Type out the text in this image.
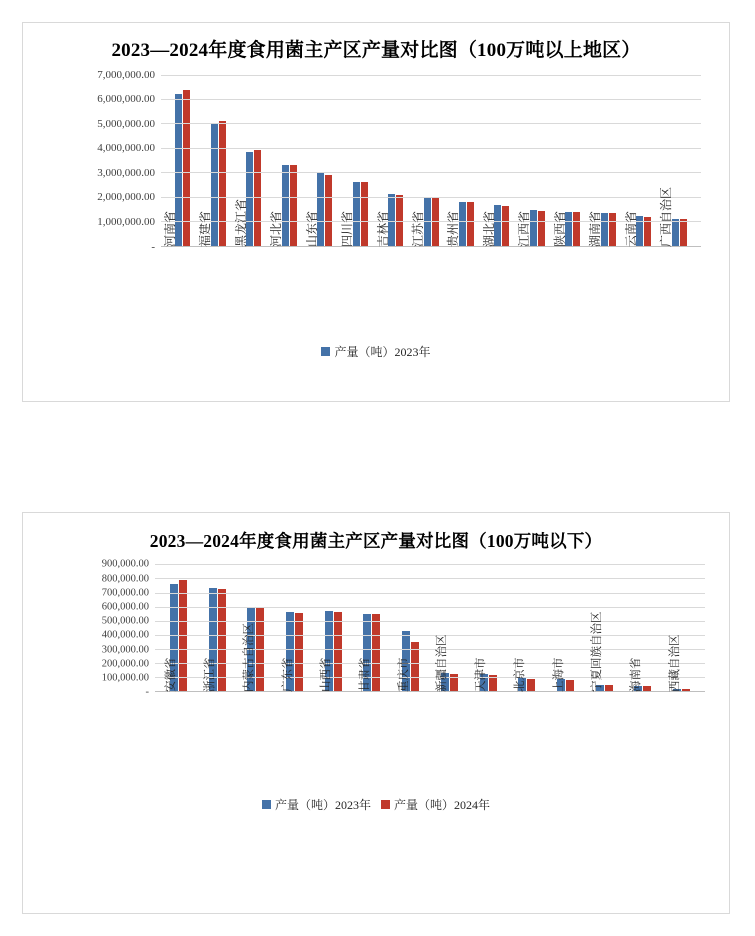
2023—2024年度食用菌主产区产量对比图（100万吨以上地区）
7,000,000.00
6,000,000.00
5,000,000.00
4,000,000.00
3,000,000.00
2,000,000.00
1,000,000.00
- 河南省 福建省 黑龙江省 河北省 山东省 四川省 吉林省 江苏省 贵州省 湖北省 江西省 陕西省 湖南省 云南省 广西自治区
产量（吨）2023年
2023—2024年度食用菌主产区产量对比图（100万吨以下）
900,000.00
800,000.00
700,000.00
600,000.00
500,000.00
400,000.00
300,000.00
200,000.00
100,000.00
- 安徽省 浙江省 内蒙古自治区 广东省 山西省 甘肃省 重庆市 新疆自治区 天津市 北京市 上海市 宁夏回族自治区 海南省 西藏自治区
产量（吨）2023年 产量（吨）2024年
